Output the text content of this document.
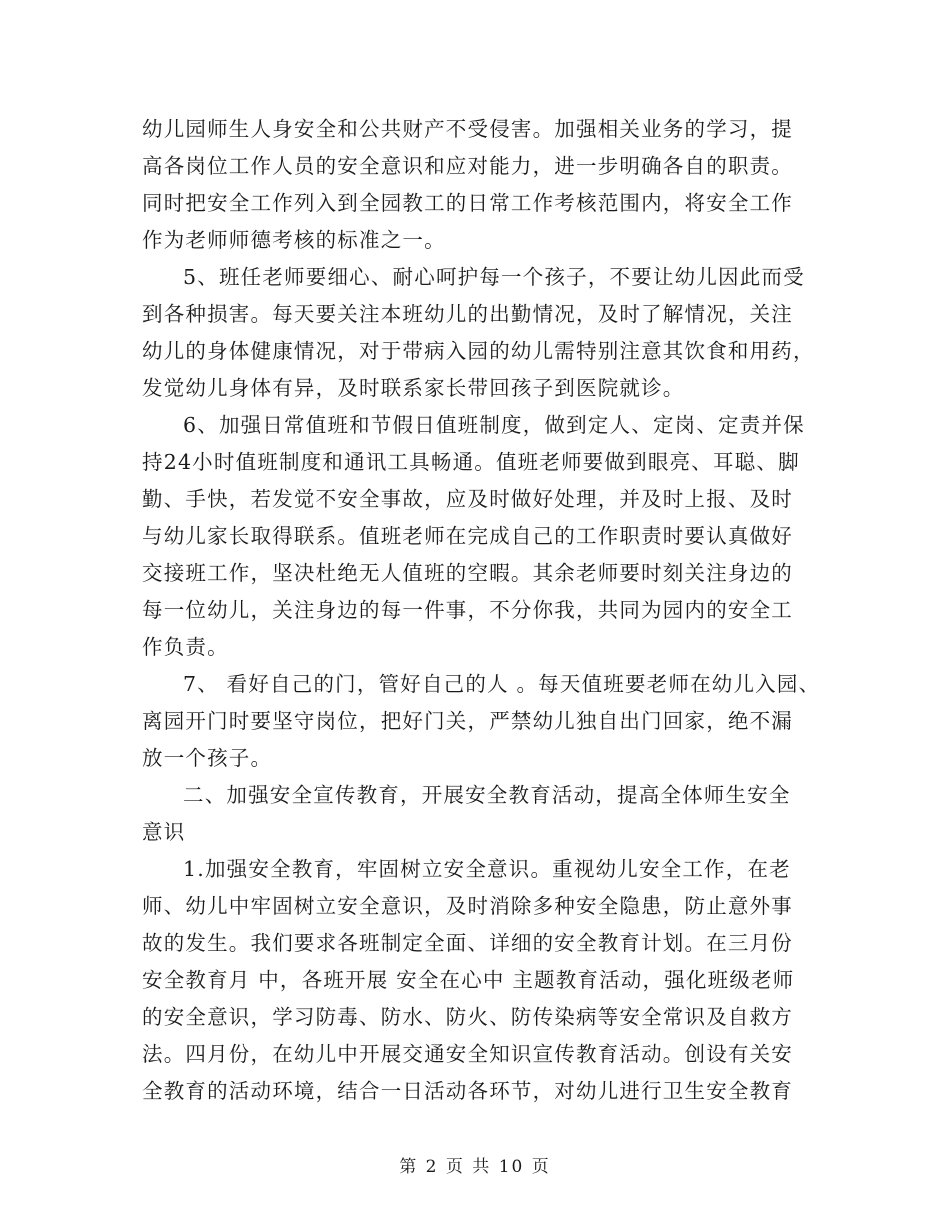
幼儿园师生人身安全和公共财产不受侵害。加强相关业务的学习，提
高各岗位工作人员的安全意识和应对能力，进一步明确各自的职责。
同时把安全工作列入到全园教工的日常工作考核范围内，将安全工作
作为老师师德考核的标准之一。
5、班任老师要细心、耐心呵护每一个孩子，不要让幼儿因此而受
到各种损害。每天要关注本班幼儿的出勤情况，及时了解情况，关注
幼儿的身体健康情况，对于带病入园的幼儿需特别注意其饮食和用药，
发觉幼儿身体有异，及时联系家长带回孩子到医院就诊。
6、加强日常值班和节假日值班制度，做到定人、定岗、定责并保
持24小时值班制度和通讯工具畅通。值班老师要做到眼亮、耳聪、脚
勤、手快，若发觉不安全事故，应及时做好处理，并及时上报、及时
与幼儿家长取得联系。值班老师在完成自己的工作职责时要认真做好
交接班工作，坚决杜绝无人值班的空暇。其余老师要时刻关注身边的
每一位幼儿，关注身边的每一件事，不分你我，共同为园内的安全工
作负责。
7、 看好自己的门，管好自己的人 。每天值班要老师在幼儿入园、
离园开门时要坚守岗位，把好门关，严禁幼儿独自出门回家，绝不漏
放一个孩子。
二、加强安全宣传教育，开展安全教育活动，提高全体师生安全
意识
1.加强安全教育，牢固树立安全意识。重视幼儿安全工作，在老
师、幼儿中牢固树立安全意识，及时消除多种安全隐患，防止意外事
故的发生。我们要求各班制定全面、详细的安全教育计划。在三月份
安全教育月 中，各班开展 安全在心中 主题教育活动，强化班级老师
的安全意识，学习防毒、防水、防火、防传染病等安全常识及自救方
法。四月份，在幼儿中开展交通安全知识宣传教育活动。创设有关安
全教育的活动环境，结合一日活动各环节，对幼儿进行卫生安全教育
第 2 页 共 10 页
